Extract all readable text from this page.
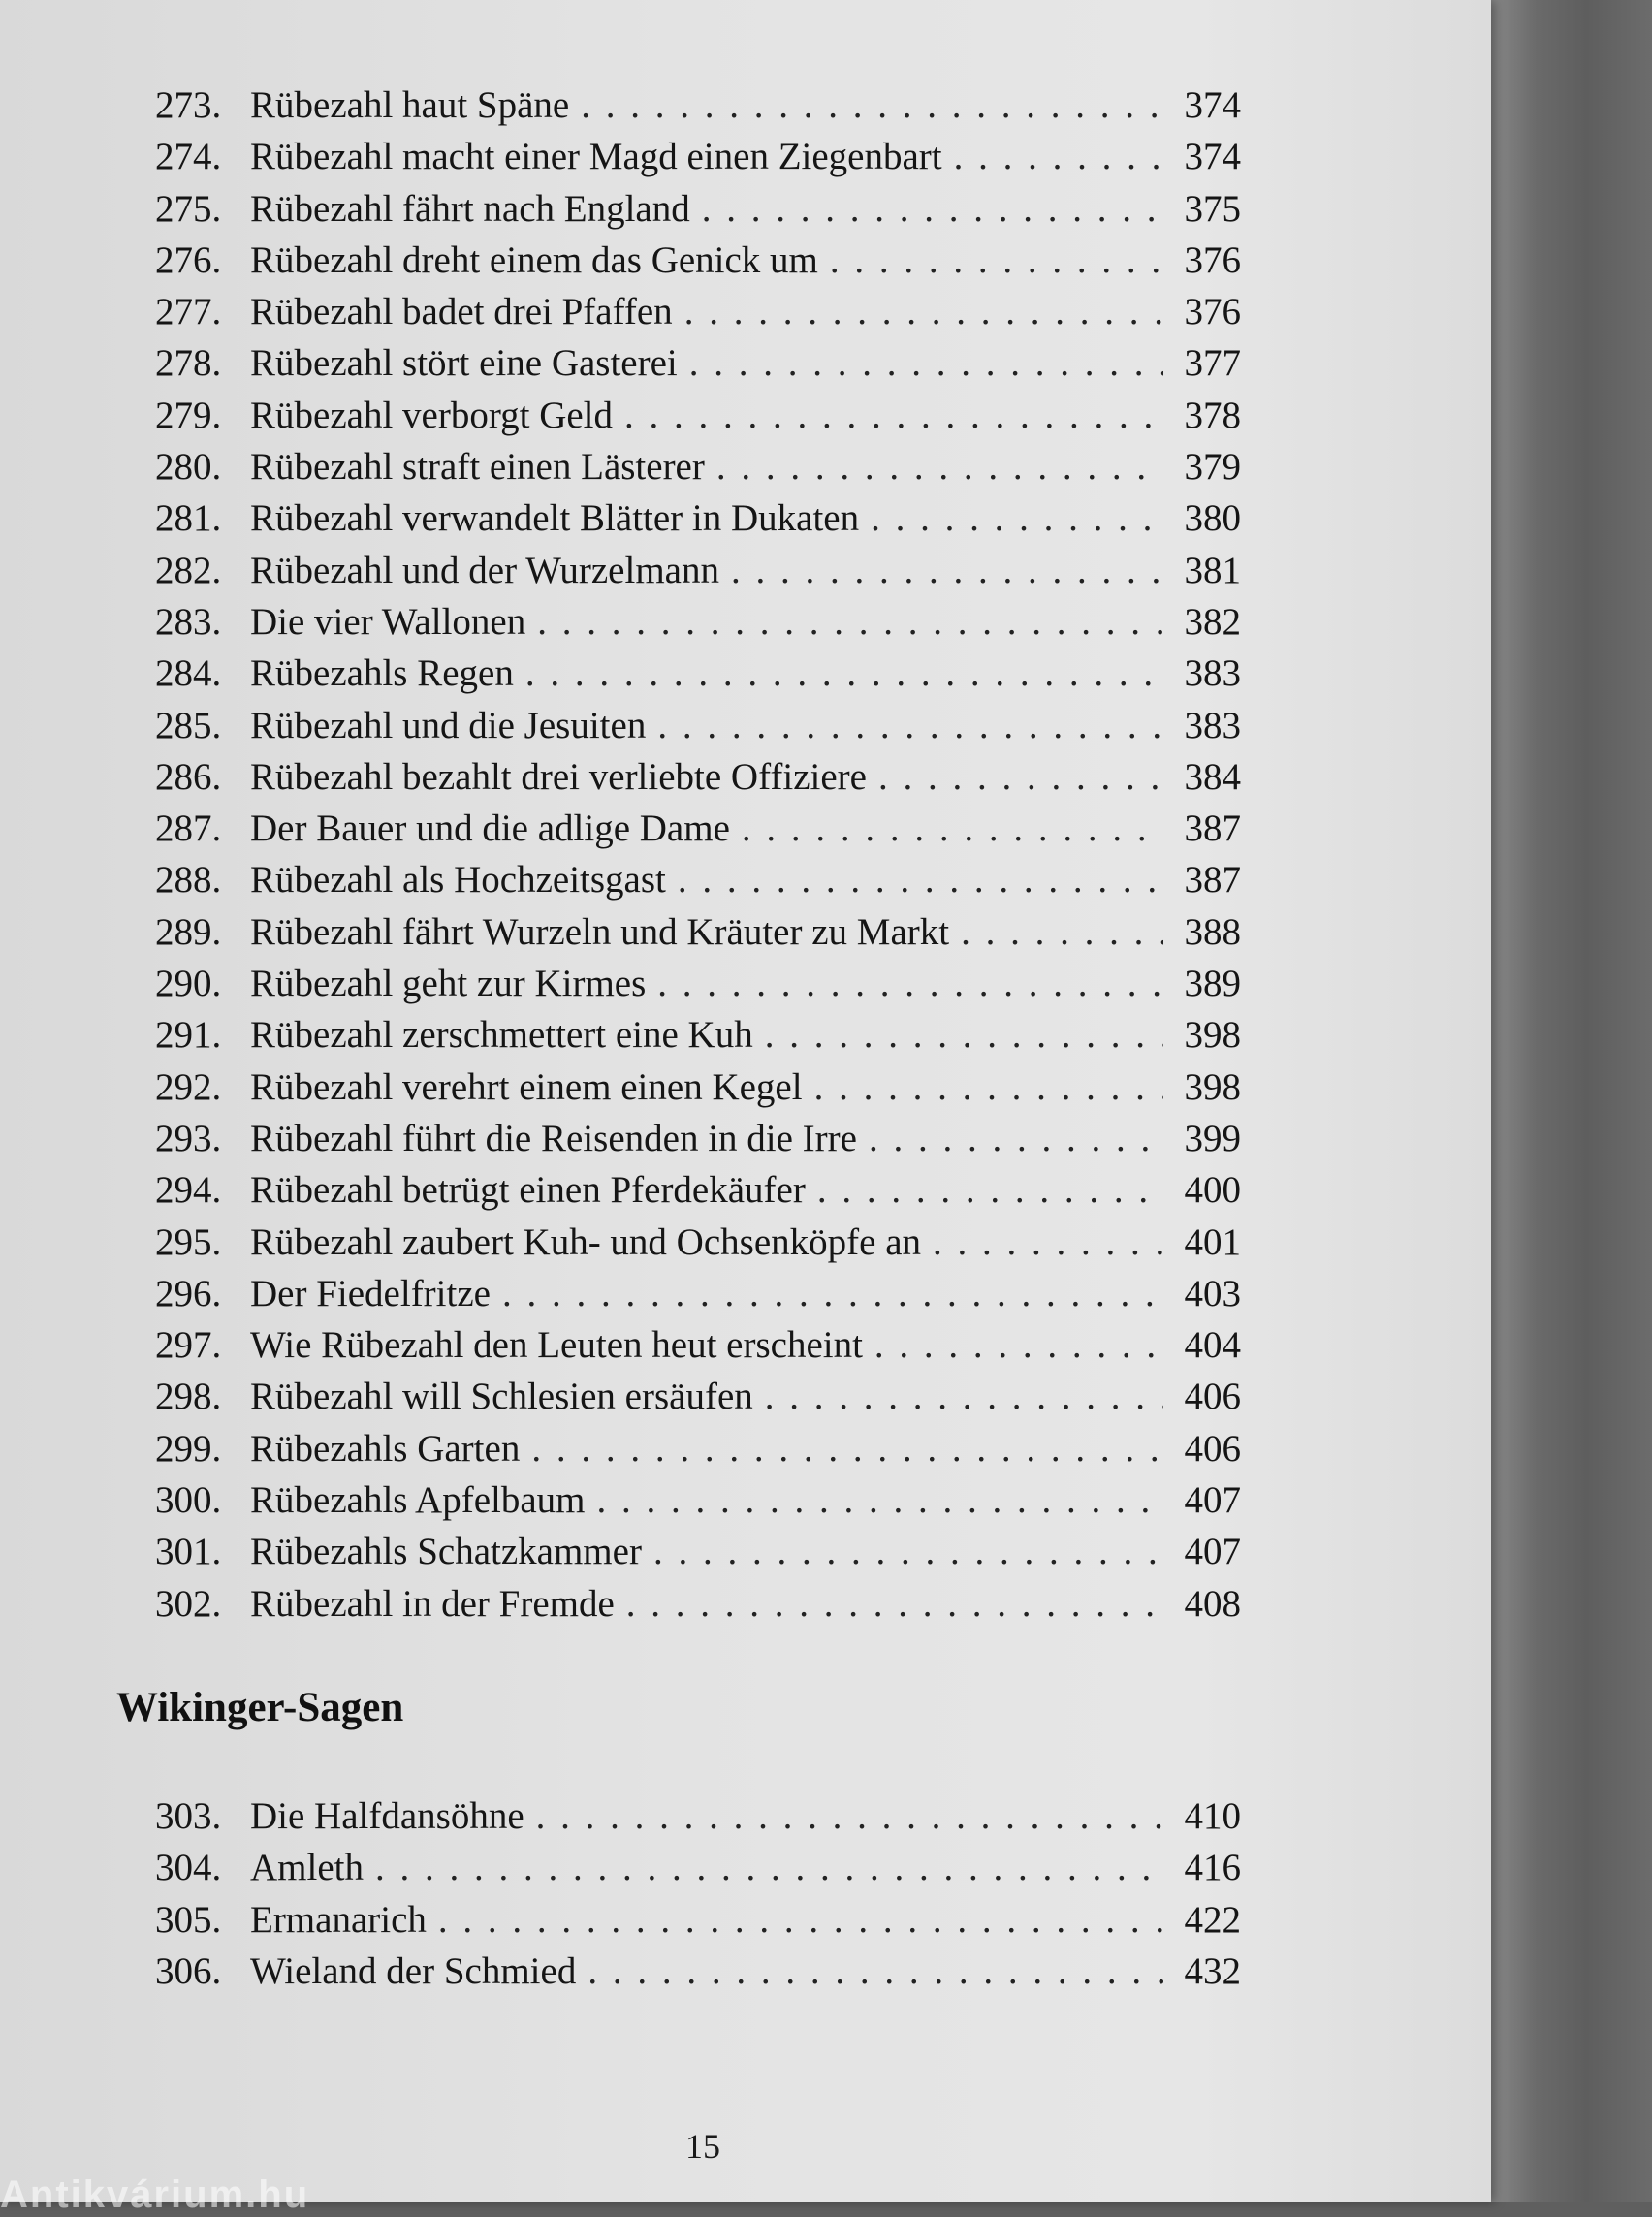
273. Rübezahl haut Späne . . .	374
274. Rübezahl macht einer Magd einen Ziegenbart . . .	374
275. Rübezahl fährt nach England . . .	375
276. Rübezahl dreht einem das Genick um . . .	376
277. Rübezahl badet drei Pfaffen . . .	376
278. Rübezahl stört eine Gasterei . . .	377
279. Rübezahl verborgt Geld . . .	378
280. Rübezahl straft einen Lästerer . . .	379
281. Rübezahl verwandelt Blätter in Dukaten . . .	380
282. Rübezahl und der Wurzelmann . . .	381
283. Die vier Wallonen . . .	382
284. Rübezahls Regen . . .	383
285. Rübezahl und die Jesuiten . . .	383
286. Rübezahl bezahlt drei verliebte Offiziere . . .	384
287. Der Bauer und die adlige Dame . . .	387
288. Rübezahl als Hochzeitsgast . . .	387
289. Rübezahl fährt Wurzeln und Kräuter zu Markt . . .	388
290. Rübezahl geht zur Kirmes . . .	389
291. Rübezahl zerschmettert eine Kuh . . .	398
292. Rübezahl verehrt einem einen Kegel . . .	398
293. Rübezahl führt die Reisenden in die Irre . . .	399
294. Rübezahl betrügt einen Pferdekäufer . . .	400
295. Rübezahl zaubert Kuh- und Ochsenköpfe an . . .	401
296. Der Fiedelfritze . . .	403
297. Wie Rübezahl den Leuten heut erscheint . . .	404
298. Rübezahl will Schlesien ersäufen . . .	406
299. Rübezahls Garten . . .	406
300. Rübezahls Apfelbaum . . .	407
301. Rübezahls Schatzkammer . . .	407
302. Rübezahl in der Fremde . . .	408
Wikinger-Sagen
303. Die Halfdansöhne . . .	410
304. Amleth . . .	416
305. Ermanarich . . .	422
306. Wieland der Schmied . . .	432
15
Antikvárium.hu
